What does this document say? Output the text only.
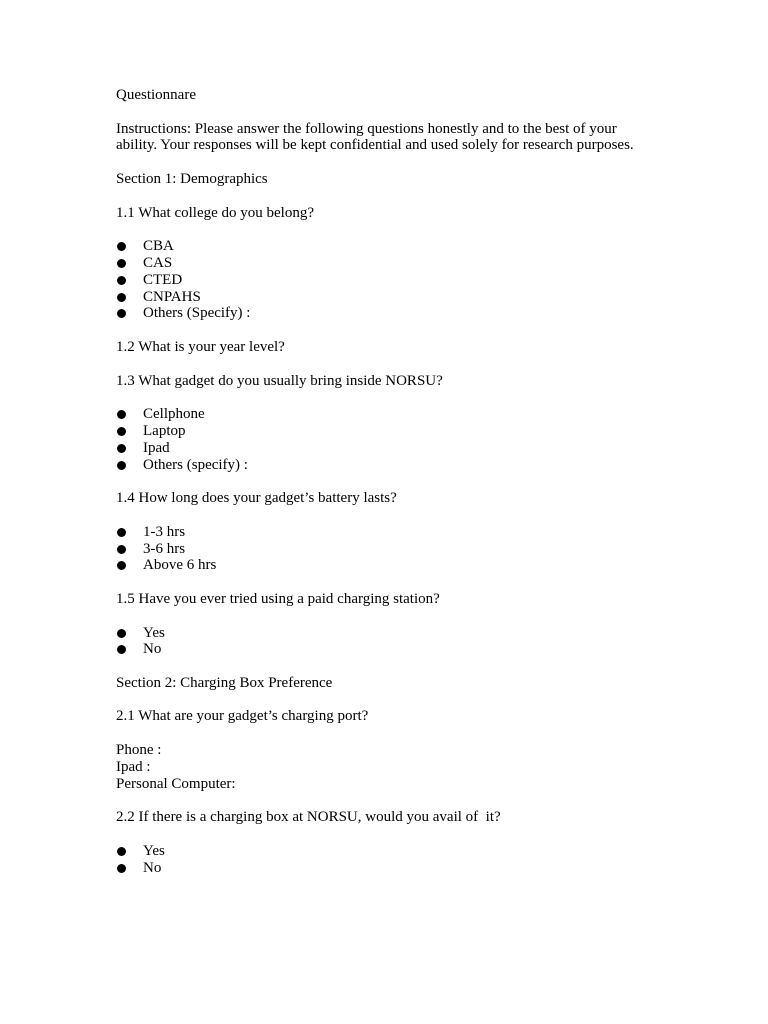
Questionnare

Instructions: Please answer the following questions honestly and to the best of your ability. Your responses will be kept confidential and used solely for research purposes.

Section 1: Demographics

1.1 What college do you belong?

CBA
CAS
CTED
CNPAHS
Others (Specify) :

1.2 What is your year level?

1.3 What gadget do you usually bring inside NORSU?

Cellphone
Laptop
Ipad
Others (specify) :

1.4 How long does your gadget’s battery lasts?

1-3 hrs
3-6 hrs
Above 6 hrs

1.5 Have you ever tried using a paid charging station?

Yes
No

Section 2: Charging Box Preference

2.1 What are your gadget’s charging port?

Phone :
Ipad :
Personal Computer:

2.2 If there is a charging box at NORSU, would you avail of  it?

Yes
No
